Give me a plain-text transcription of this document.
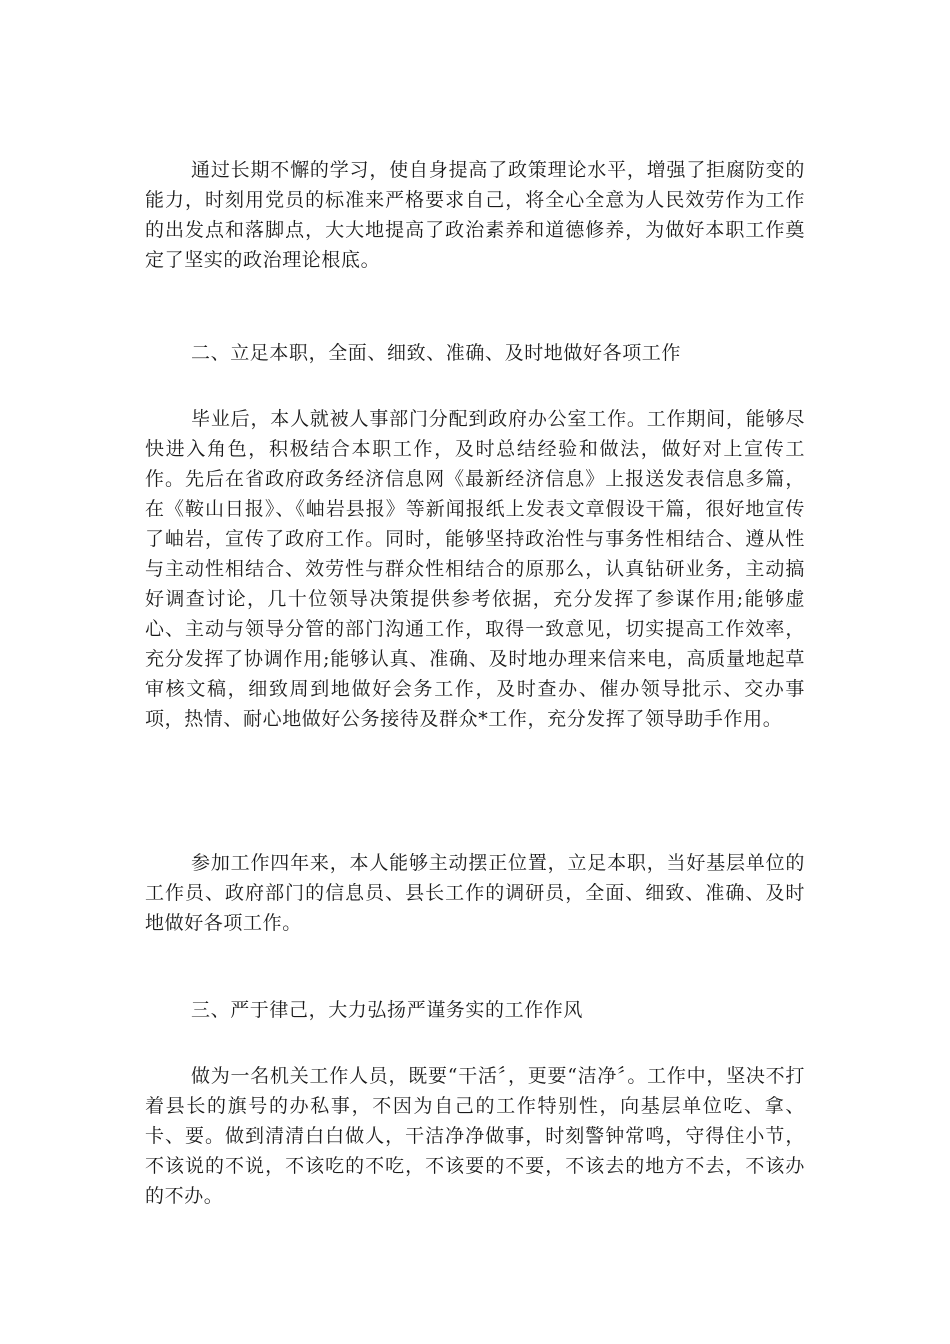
通过长期不懈的学习，使自身提高了政策理论水平，增强了拒腐防变的能力，时刻用党员的标准来严格要求自己，将全心全意为人民效劳作为工作的出发点和落脚点，大大地提高了政治素养和道德修养，为做好本职工作奠定了坚实的政治理论根底。

二、立足本职，全面、细致、准确、及时地做好各项工作

毕业后，本人就被人事部门分配到政府办公室工作。工作期间，能够尽快进入角色，积极结合本职工作，及时总结经验和做法，做好对上宣传工作。先后在省政府政务经济信息网《最新经济信息》上报送发表信息多篇，在《鞍山日报》、《岫岩县报》等新闻报纸上发表文章假设干篇，很好地宣传了岫岩，宣传了政府工作。同时，能够坚持政治性与事务性相结合、遵从性与主动性相结合、效劳性与群众性相结合的原那么，认真钻研业务，主动搞好调查讨论，几十位领导决策提供参考依据，充分发挥了参谋作用;能够虚心、主动与领导分管的部门沟通工作，取得一致意见，切实提高工作效率，充分发挥了协调作用;能够认真、准确、及时地办理来信来电，高质量地起草审核文稿，细致周到地做好会务工作，及时查办、催办领导批示、交办事项，热情、耐心地做好公务接待及群众*工作，充分发挥了领导助手作用。

参加工作四年来，本人能够主动摆正位置，立足本职，当好基层单位的工作员、政府部门的信息员、县长工作的调研员，全面、细致、准确、及时地做好各项工作。

三、严于律己，大力弘扬严谨务实的工作作风

做为一名机关工作人员，既要“干活〞，更要“洁净〞。工作中，坚决不打着县长的旗号的办私事，不因为自己的工作特别性，向基层单位吃、拿、卡、要。做到清清白白做人，干洁净净做事，时刻警钟常鸣，守得住小节，不该说的不说，不该吃的不吃，不该要的不要，不该去的地方不去，不该办的不办。
